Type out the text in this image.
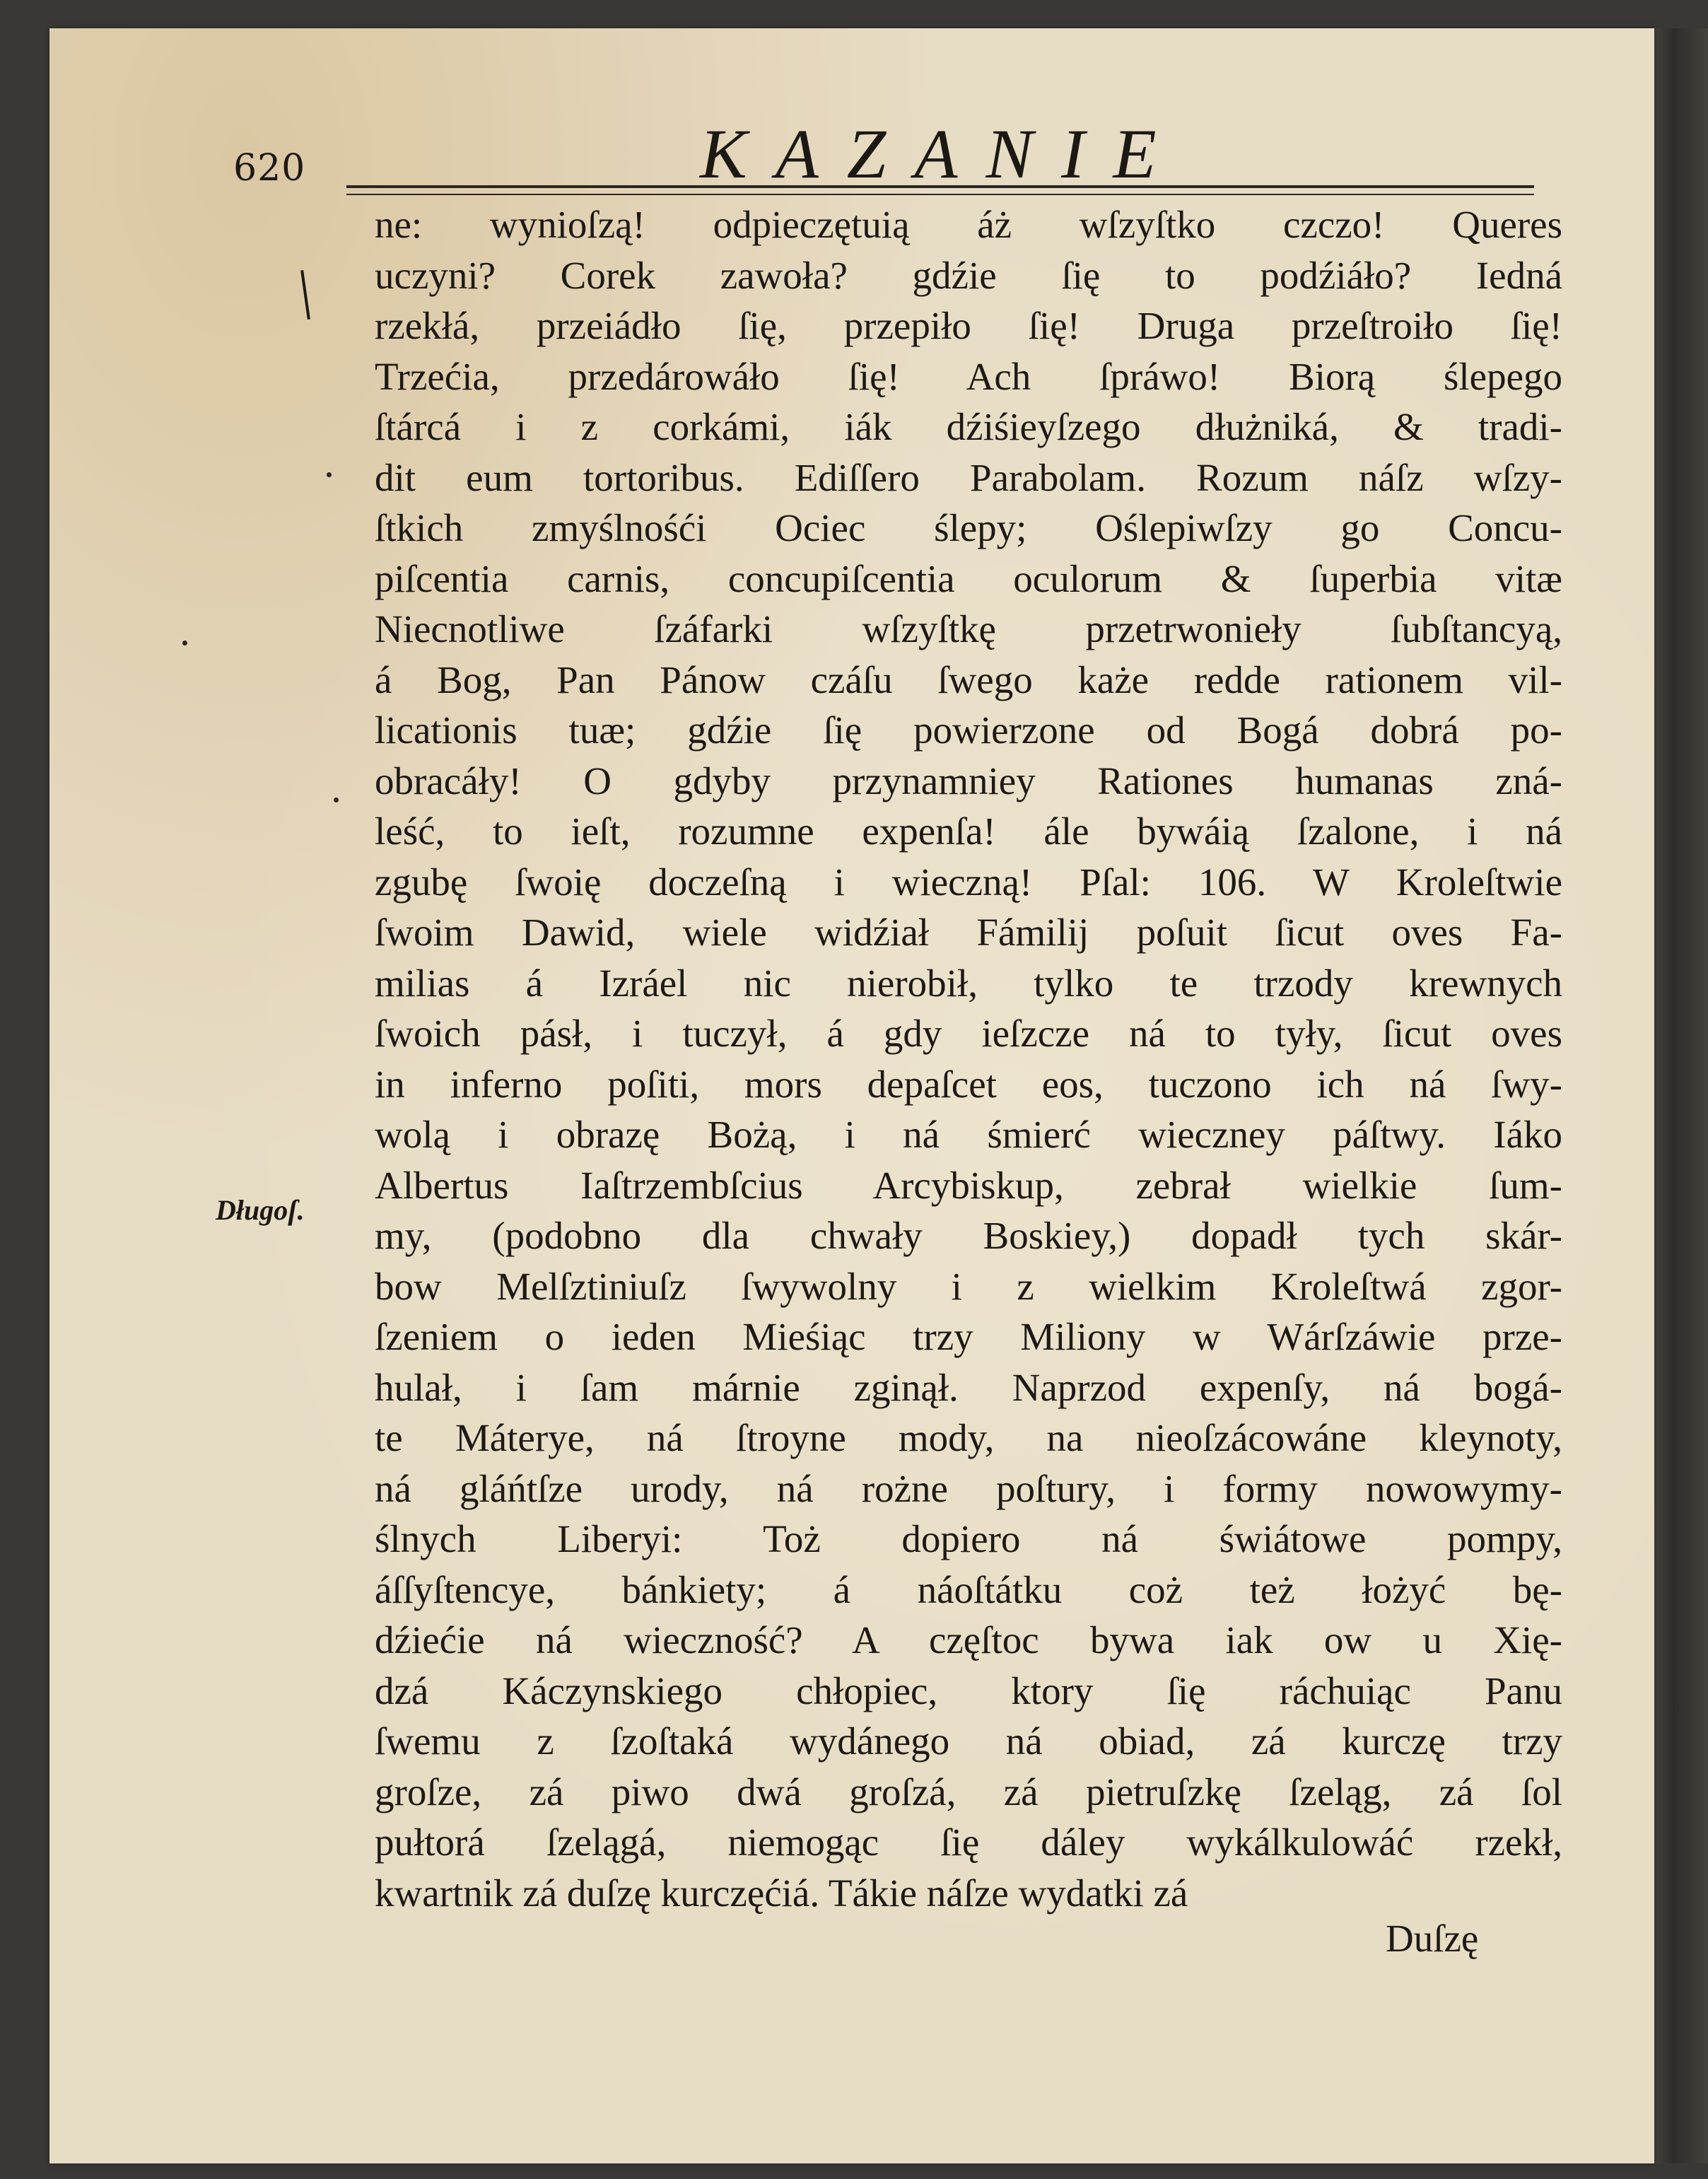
620	KAZANIE
Długoſ.
ne: wynioſzą! odpieczętuią áż wſzyſtko czczo! Queres
uczyni? Corek zawoła? gdźie ſię to podźiáło? Iedná
rzekłá, przeiádło ſię, przepiło ſię! Druga przeſtroiło ſię!
Trzećia, przedárowáło ſię! Ach ſpráwo! Biorą ślepego
ſtárcá i z corkámi, iák dźiśieyſzego dłużniká, & tradi-
dit eum tortoribus. Ediſſero Parabolam. Rozum náſz wſzy-
ſtkich zmyślnośći Ociec ślepy; Oślepiwſzy go Concu-
piſcentia carnis, concupiſcentia oculorum & ſuperbia vitæ
Niecnotliwe ſzáfarki wſzyſtkę przetrwonieły ſubſtancyą,
á Bog, Pan Pánow czáſu ſwego każe redde rationem vil-
licationis tuæ; gdźie ſię powierzone od Bogá dobrá po-
obracáły! O gdyby przynamniey Rationes humanas zná-
leść, to ieſt, rozumne expenſa! ále bywáią ſzalone, i ná
zgubę ſwoię doczeſną i wieczną! Pſal: 106. W Kroleſtwie
ſwoim Dawid, wiele widźiał Fámilij poſuit ſicut oves Fa-
milias á Izráel nic nierobił, tylko te trzody krewnych
ſwoich pásł, i tuczył, á gdy ieſzcze ná to tyły, ſicut oves
in inferno poſiti, mors depaſcet eos, tuczono ich ná ſwy-
wolą i obrazę Bożą, i ná śmierć wieczney páſtwy. Iáko
Albertus Iaſtrzembſcius Arcybiskup, zebrał wielkie ſum-
my, (podobno dla chwały Boskiey,) dopadł tych skár-
bow Melſztiniuſz ſwywolny i z wielkim Kroleſtwá zgor-
ſzeniem o ieden Mieśiąc trzy Miliony w Wárſzáwie prze-
hulał, i ſam márnie zginął. Naprzod expenſy, ná bogá-
te Máterye, ná ſtroyne mody, na nieoſzácowáne kleynoty,
ná gláńtſze urody, ná rożne poſtury, i formy nowowymy-
ślnych Liberyi: Toż dopiero ná świátowe pompy,
áſſyſtencye, bánkiety; á náoſtátku coż też łożyć bę-
dźiećie ná wieczność? A częſtoc bywa iak ow u Xię-
dzá Káczynskiego chłopiec, ktory ſię ráchuiąc Panu
ſwemu z ſzoſtaká wydánego ná obiad, zá kurczę trzy
groſze, zá piwo dwá groſzá, zá pietruſzkę ſzeląg, zá ſol
pułtorá ſzelągá, niemogąc ſię dáley wykálkulowáć rzekł,
kwartnik zá duſzę kurczęćiá. Tákie náſze wydatki zá
Duſzę
